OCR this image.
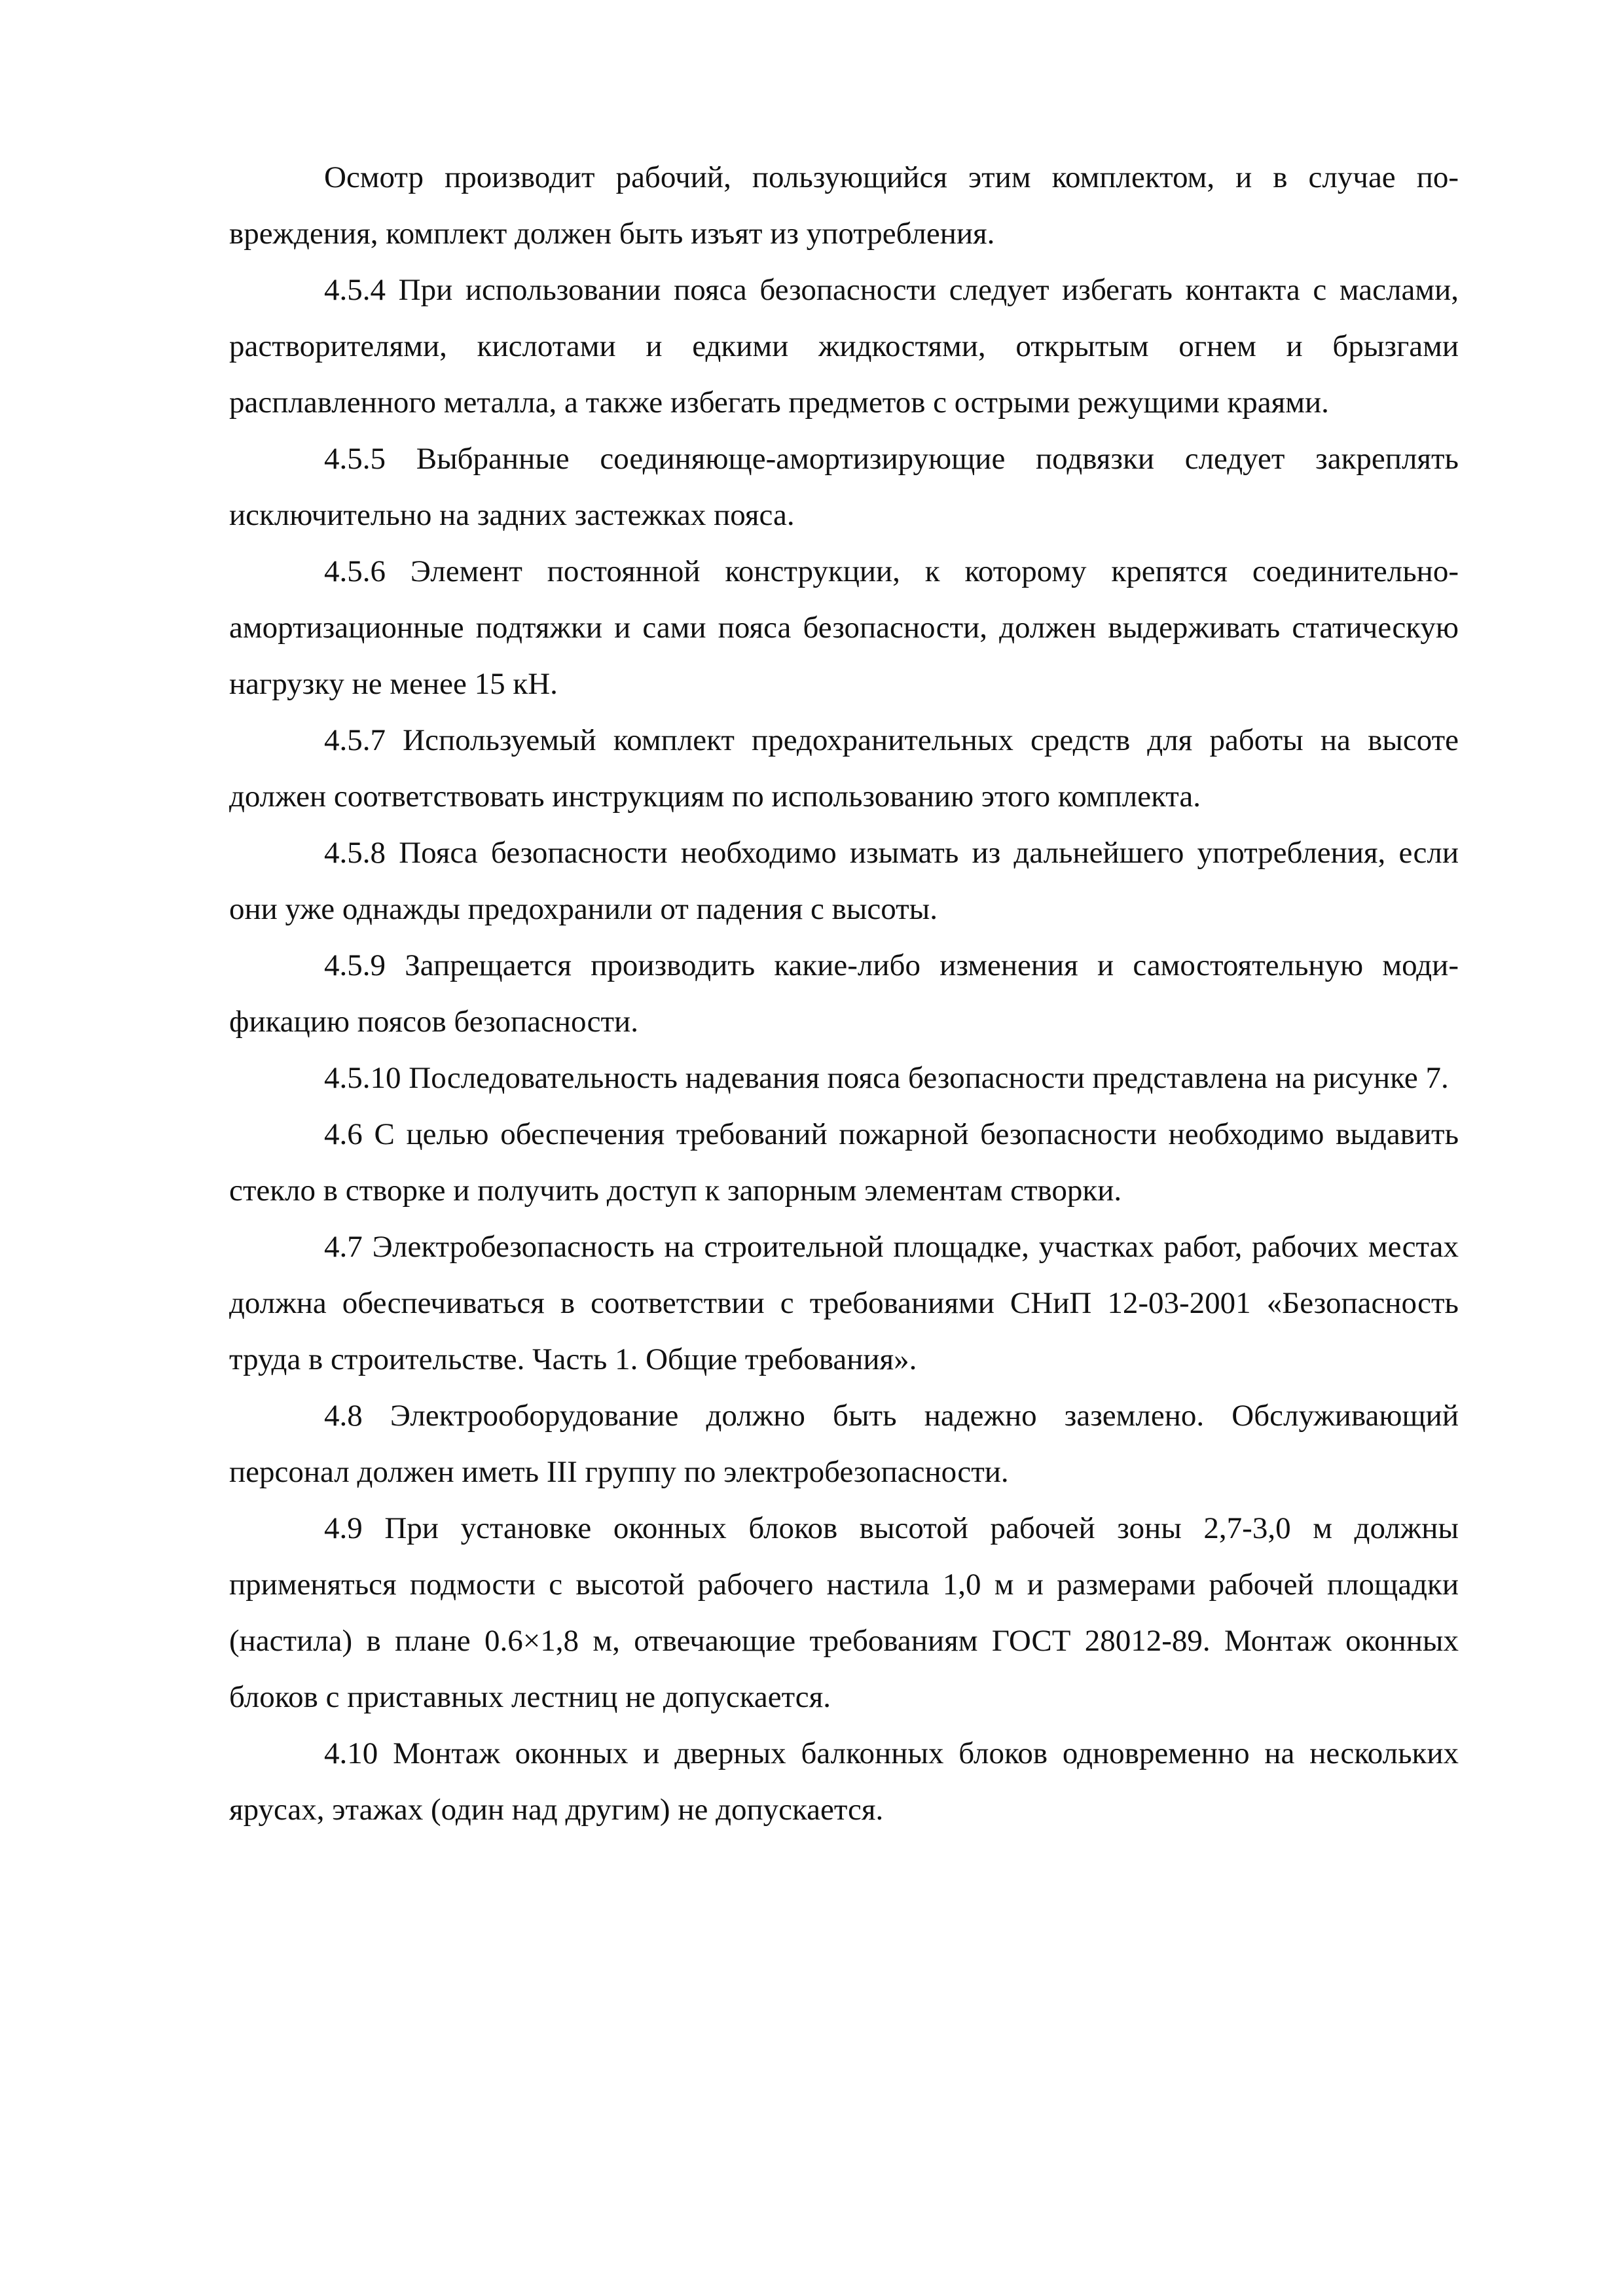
Осмотр производит рабочий, пользующийся этим комплектом, и в случае повреждения, комплект должен быть изъят из употребления.

4.5.4 При использовании пояса безопасности следует избегать контакта с маслами, растворителями, кислотами и едкими жидкостями, открытым огнем и брызгами расплавленного металла, а также избегать предметов с острыми режущими краями.

4.5.5 Выбранные соединяюще-амортизирующие подвязки следует закреплять исключительно на задних застежках пояса.

4.5.6 Элемент постоянной конструкции, к которому крепятся соединительно-амортизационные подтяжки и сами пояса безопасности, должен выдерживать статическую нагрузку не менее 15 кН.

4.5.7 Используемый комплект предохранительных средств для работы на высоте должен соответствовать инструкциям по использованию этого комплекта.

4.5.8 Пояса безопасности необходимо изымать из дальнейшего употребления, если они уже однажды предохранили от падения с высоты.

4.5.9 Запрещается производить какие-либо изменения и самостоятельную модификацию поясов безопасности.

4.5.10 Последовательность надевания пояса безопасности представлена на рисунке 7.

4.6 С целью обеспечения требований пожарной безопасности необходимо выдавить стекло в створке и получить доступ к запорным элементам створки.

4.7 Электробезопасность на строительной площадке, участках работ, рабочих местах должна обеспечиваться в соответствии с требованиями СНиП 12-03-2001 «Безопасность труда в строительстве. Часть 1. Общие требования».

4.8 Электрооборудование должно быть надежно заземлено. Обслуживающий персонал должен иметь III группу по электробезопасности.

4.9 При установке оконных блоков высотой рабочей зоны 2,7-3,0 м должны применяться подмости с высотой рабочего настила 1,0 м и размерами рабочей площадки (настила) в плане 0.6×1,8 м, отвечающие требованиям ГОСТ 28012-89. Монтаж оконных блоков с приставных лестниц не допускается.

4.10 Монтаж оконных и дверных балконных блоков одновременно на нескольких ярусах, этажах (один над другим) не допускается.
